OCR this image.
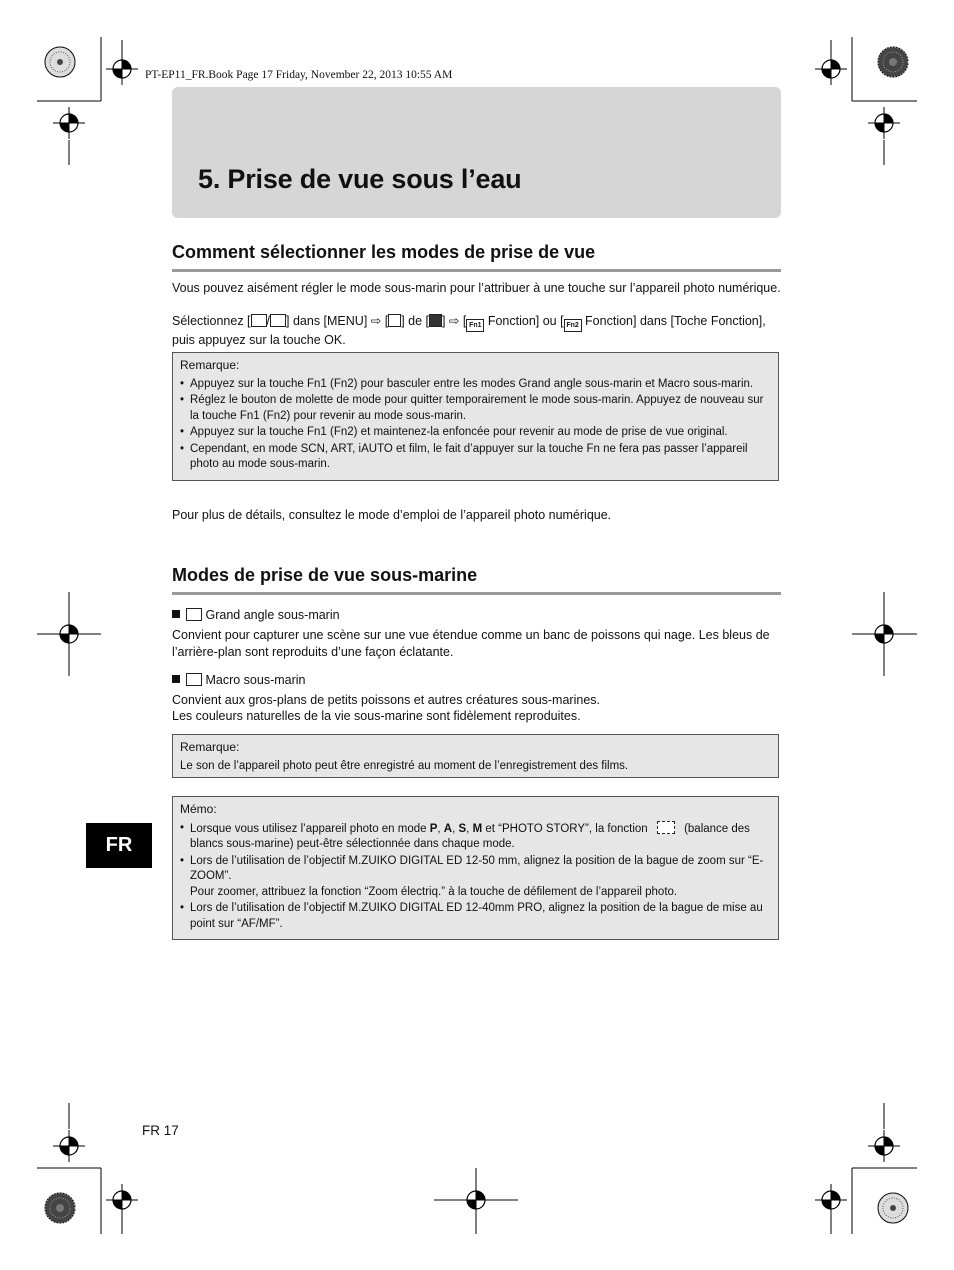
PT-EP11_FR.Book Page 17 Friday, November 22, 2013 10:55 AM
5. Prise de vue sous l’eau
Comment sélectionner les modes de prise de vue
Vous pouvez aisément régler le mode sous-marin pour l’attribuer à une touche sur l’appareil photo numérique.
Sélectionnez [ / ] dans [MENU] ⇨ [ ] de [ ] ⇨ [ Fn1 Fonction] ou [ Fn2 Fonction] dans [Toche Fonction], puis appuyez sur la touche OK.
Remarque:
• Appuyez sur la touche Fn1 (Fn2) pour basculer entre les modes Grand angle sous-marin et Macro sous-marin.
• Réglez le bouton de molette de mode pour quitter temporairement le mode sous-marin. Appuyez de nouveau sur la touche Fn1 (Fn2) pour revenir au mode sous-marin.
• Appuyez sur la touche Fn1 (Fn2) et maintenez-la enfoncée pour revenir au mode de prise de vue original.
• Cependant, en mode SCN, ART, iAUTO et film, le fait d’appuyer sur la touche Fn ne fera pas passer l’appareil photo au mode sous-marin.
Pour plus de détails, consultez le mode d’emploi de l’appareil photo numérique.
Modes de prise de vue sous-marine
Grand angle sous-marin
Convient pour capturer une scène sur une vue étendue comme un banc de poissons qui nage. Les bleus de l’arrière-plan sont reproduits d’une façon éclatante.
Macro sous-marin
Convient aux gros-plans de petits poissons et autres créatures sous-marines.
Les couleurs naturelles de la vie sous-marine sont fidèlement reproduites.
Remarque:
Le son de l’appareil photo peut être enregistré au moment de l’enregistrement des films.
Mémo:
• Lorsque vous utilisez l’appareil photo en mode P, A, S, M et “PHOTO STORY”, la fonction	(balance des blancs sous-marine) peut-être sélectionnée dans chaque mode.
• Lors de l’utilisation de l’objectif M.ZUIKO DIGITAL ED 12-50 mm, alignez la position de la bague de zoom sur “E-ZOOM”.
Pour zoomer, attribuez la fonction “Zoom électriq.” à la touche de défilement de l’appareil photo.
• Lors de l’utilisation de l’objectif M.ZUIKO DIGITAL ED 12-40mm PRO, alignez la position de la bague de mise au point sur “AF/MF”.
FR
FR 17
